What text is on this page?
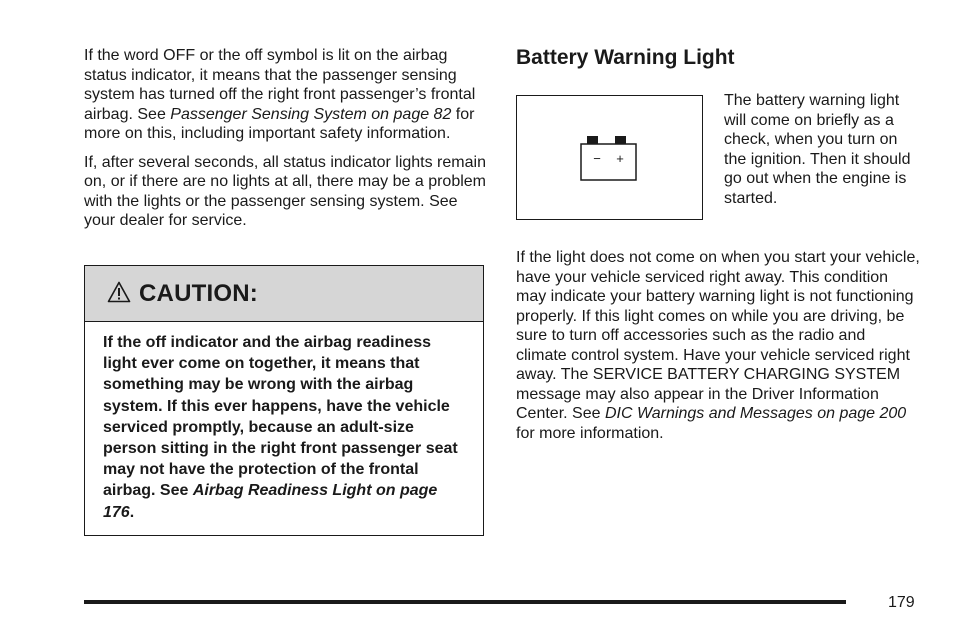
If the word OFF or the off symbol is lit on the airbag status indicator, it means that the passenger sensing system has turned off the right front passenger’s frontal airbag. See Passenger Sensing System on page 82 for more on this, including important safety information.

If, after several seconds, all status indicator lights remain on, or if there are no lights at all, there may be a problem with the lights or the passenger sensing system. See your dealer for service.

CAUTION:

If the off indicator and the airbag readiness light ever come on together, it means that something may be wrong with the airbag system. If this ever happens, have the vehicle serviced promptly, because an adult-size person sitting in the right front passenger seat may not have the protection of the frontal airbag. See Airbag Readiness Light on page 176.

Battery Warning Light
− +

The battery warning light will come on briefly as a check, when you turn on the ignition. Then it should go out when the engine is started.

If the light does not come on when you start your vehicle, have your vehicle serviced right away. This condition may indicate your battery warning light is not functioning properly. If this light comes on while you are driving, be sure to turn off accessories such as the radio and climate control system. Have your vehicle serviced right away. The SERVICE BATTERY CHARGING SYSTEM message may also appear in the Driver Information Center. See DIC Warnings and Messages on page 200 for more information.

179
